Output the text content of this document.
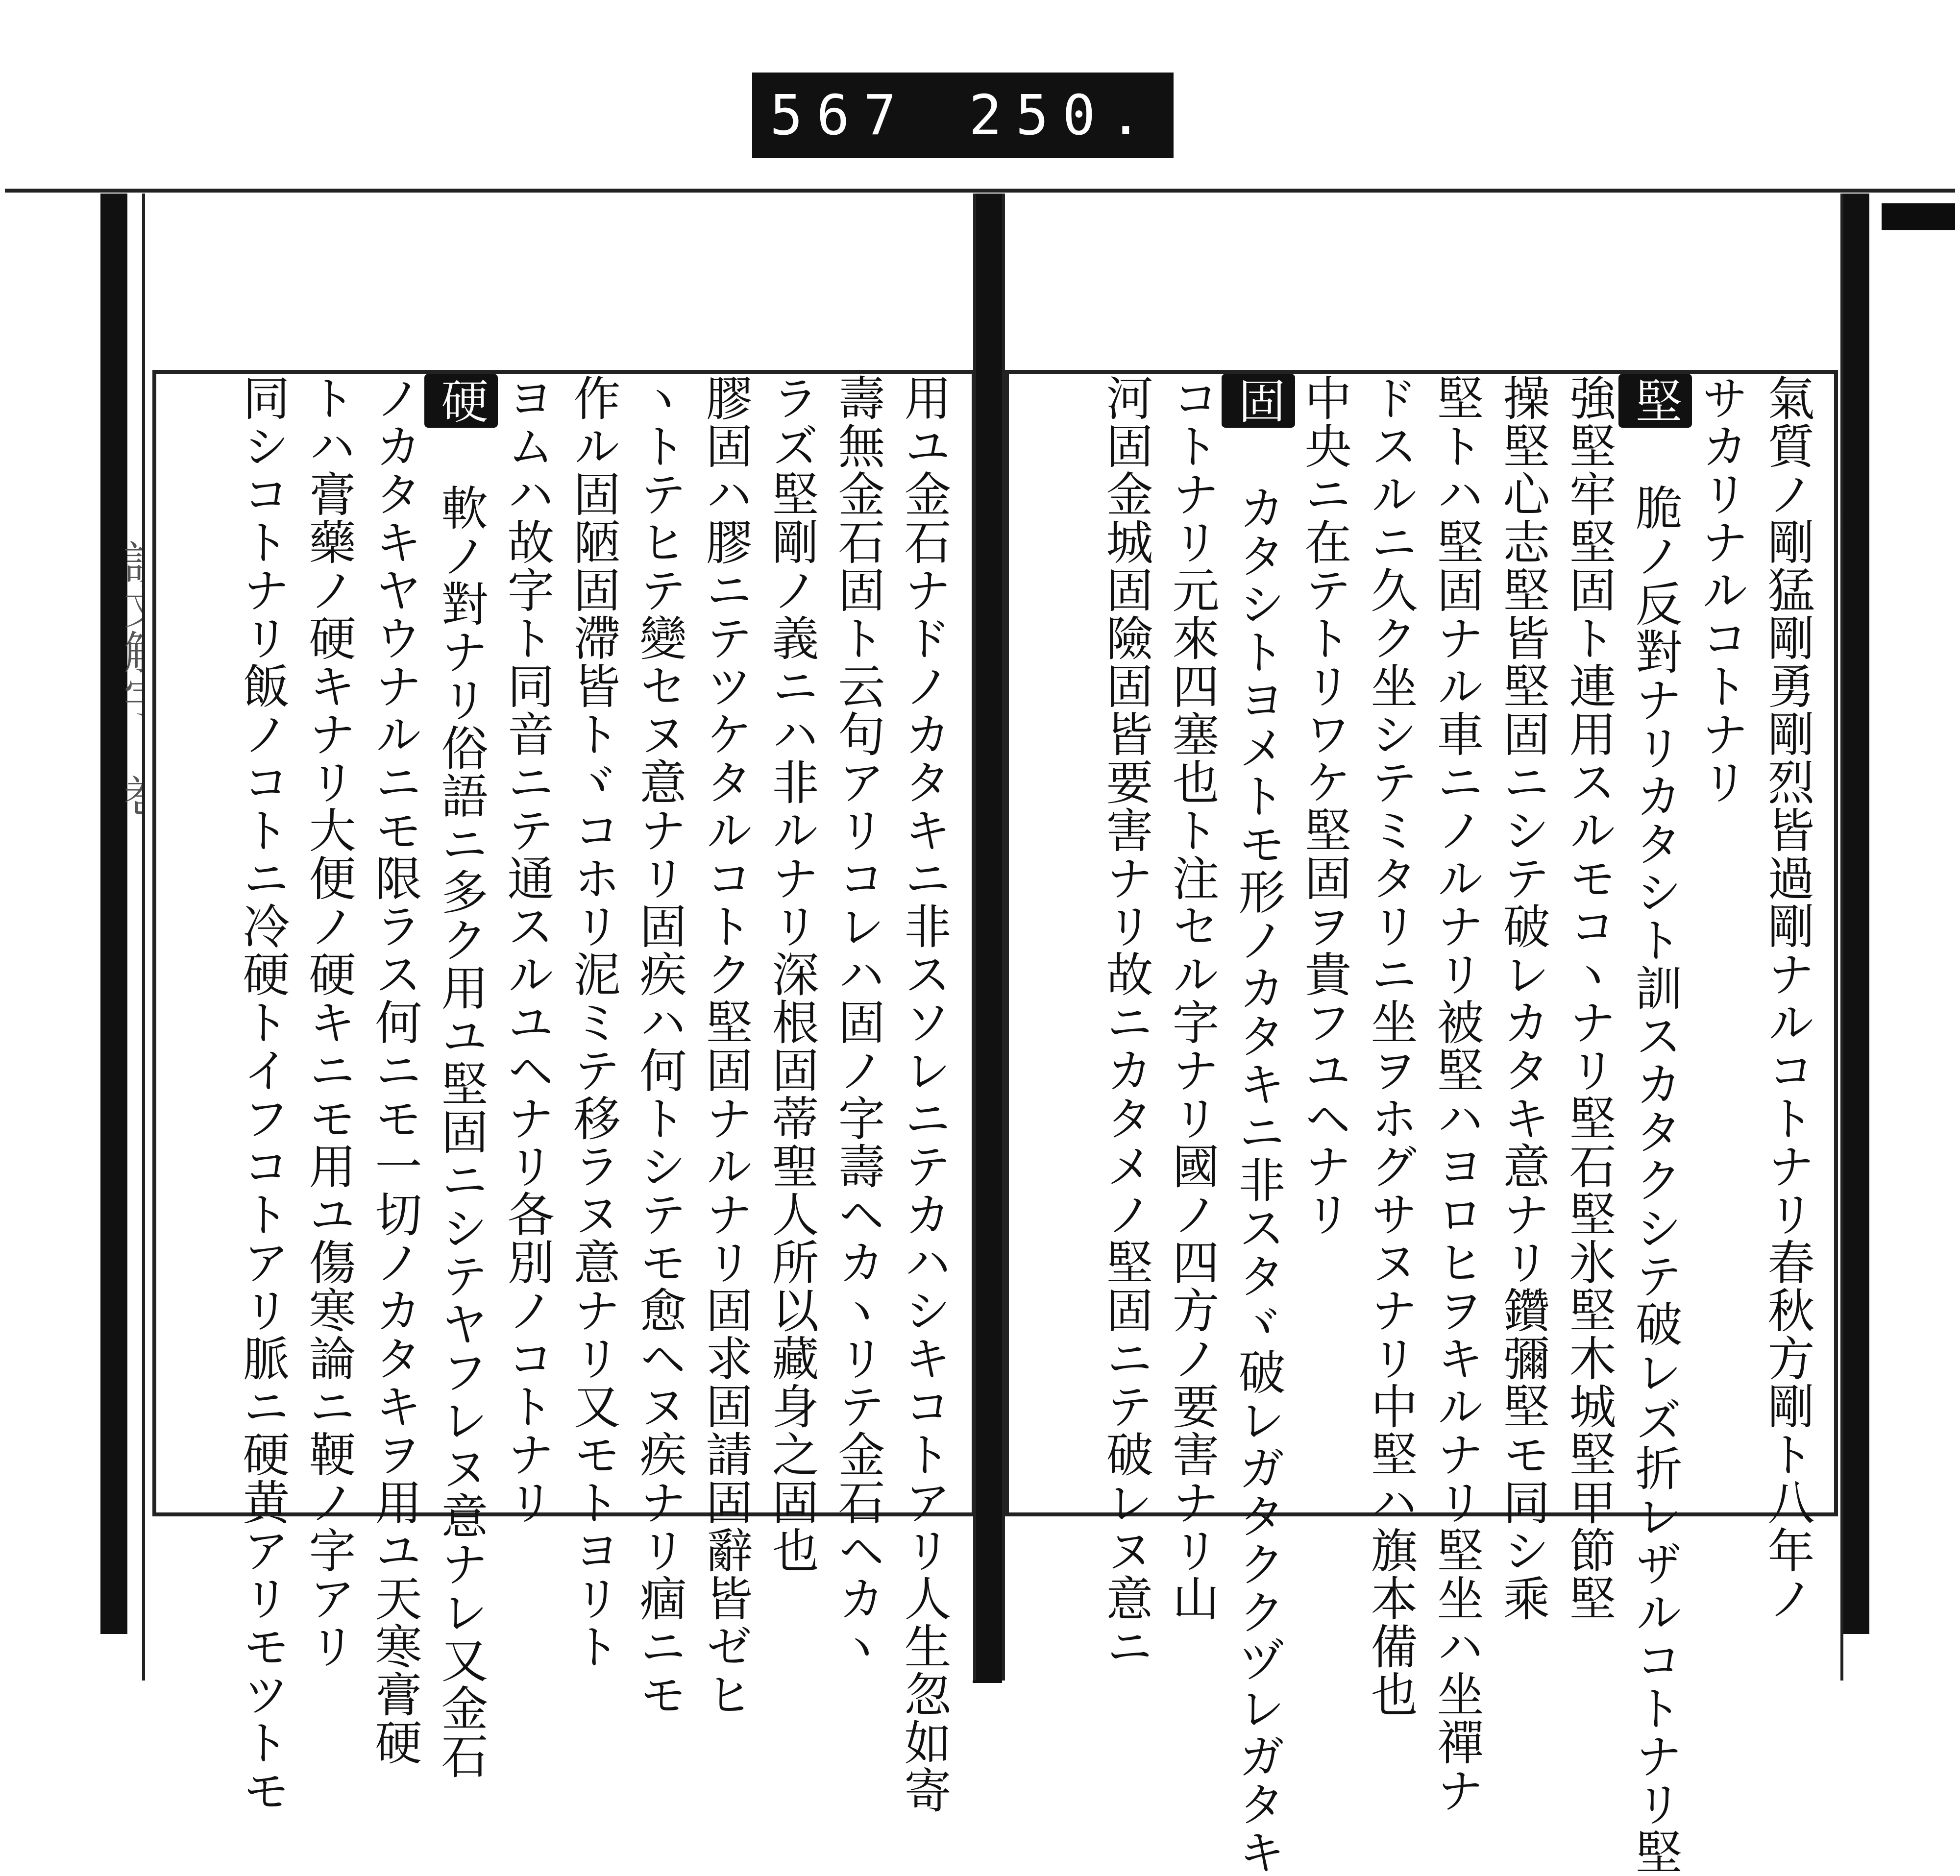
567 250.
用ユ金石ナドノカタキニ非スソレニテカハシキコトアリ人生忽如寄
壽無金石固ト云句アリコレハ固ノ字壽ヘカヽリテ金石ヘカヽ
ラズ堅剛ノ義ニハ非ルナリ深根固蒂聖人所以藏身之固也
膠固ハ膠ニテツケタルコトク堅固ナルナリ固求固請固辭皆ゼヒ
ヽトテヒテ變セヌ意ナリ固疾ハ何トシテモ愈ヘヌ疾ナリ痼ニモ
作ル固陋固滯皆トヾコホリ泥ミテ移ラヌ意ナリ又モトヨリト
ヨムハ故字ト同音ニテ通スルユヘナリ各別ノコトナリ
硬 軟ノ對ナリ俗語ニ多ク用ユ堅固ニシテヤフレヌ意ナレ又金石
ノカタキヤウナルニモ限ラス何ニモ一切ノカタキヲ用ユ天寒膏硬
トハ膏藥ノ硬キナリ大便ノ硬キニモ用ユ傷寒論ニ鞕ノ字アリ
同シコトナリ飯ノコトニ冷硬トイフコトアリ脈ニ硬黄アリモツトモ	氣質ノ剛猛剛勇剛烈皆過剛ナルコトナリ春秋方剛ト八年ノ
サカリナルコトナリ
堅 脆ノ反對ナリカタシト訓スカタクシテ破レズ折レザルコトナリ堅
強堅牢堅固ト連用スルモコヽナリ堅石堅氷堅木城堅甲節堅
操堅心志堅皆堅固ニシテ破レカタキ意ナリ鑽彌堅モ同シ乘
堅トハ堅固ナル車ニノルナリ被堅ハヨロヒヲキルナリ堅坐ハ坐禪ナ
ドスルニ久ク坐シテミタリニ坐ヲホグサヌナリ中堅ハ旗本備也
中央ニ在テトリワケ堅固ヲ貴フユヘナリ
固 カタシトヨメトモ形ノカタキニ非スタヾ破レガタククヅレガタキ
コトナリ元來四塞也ト注セル字ナリ國ノ四方ノ要害ナリ山
河固金城固險固皆要害ナリ故ニカタメノ堅固ニテ破レヌ意ニ
